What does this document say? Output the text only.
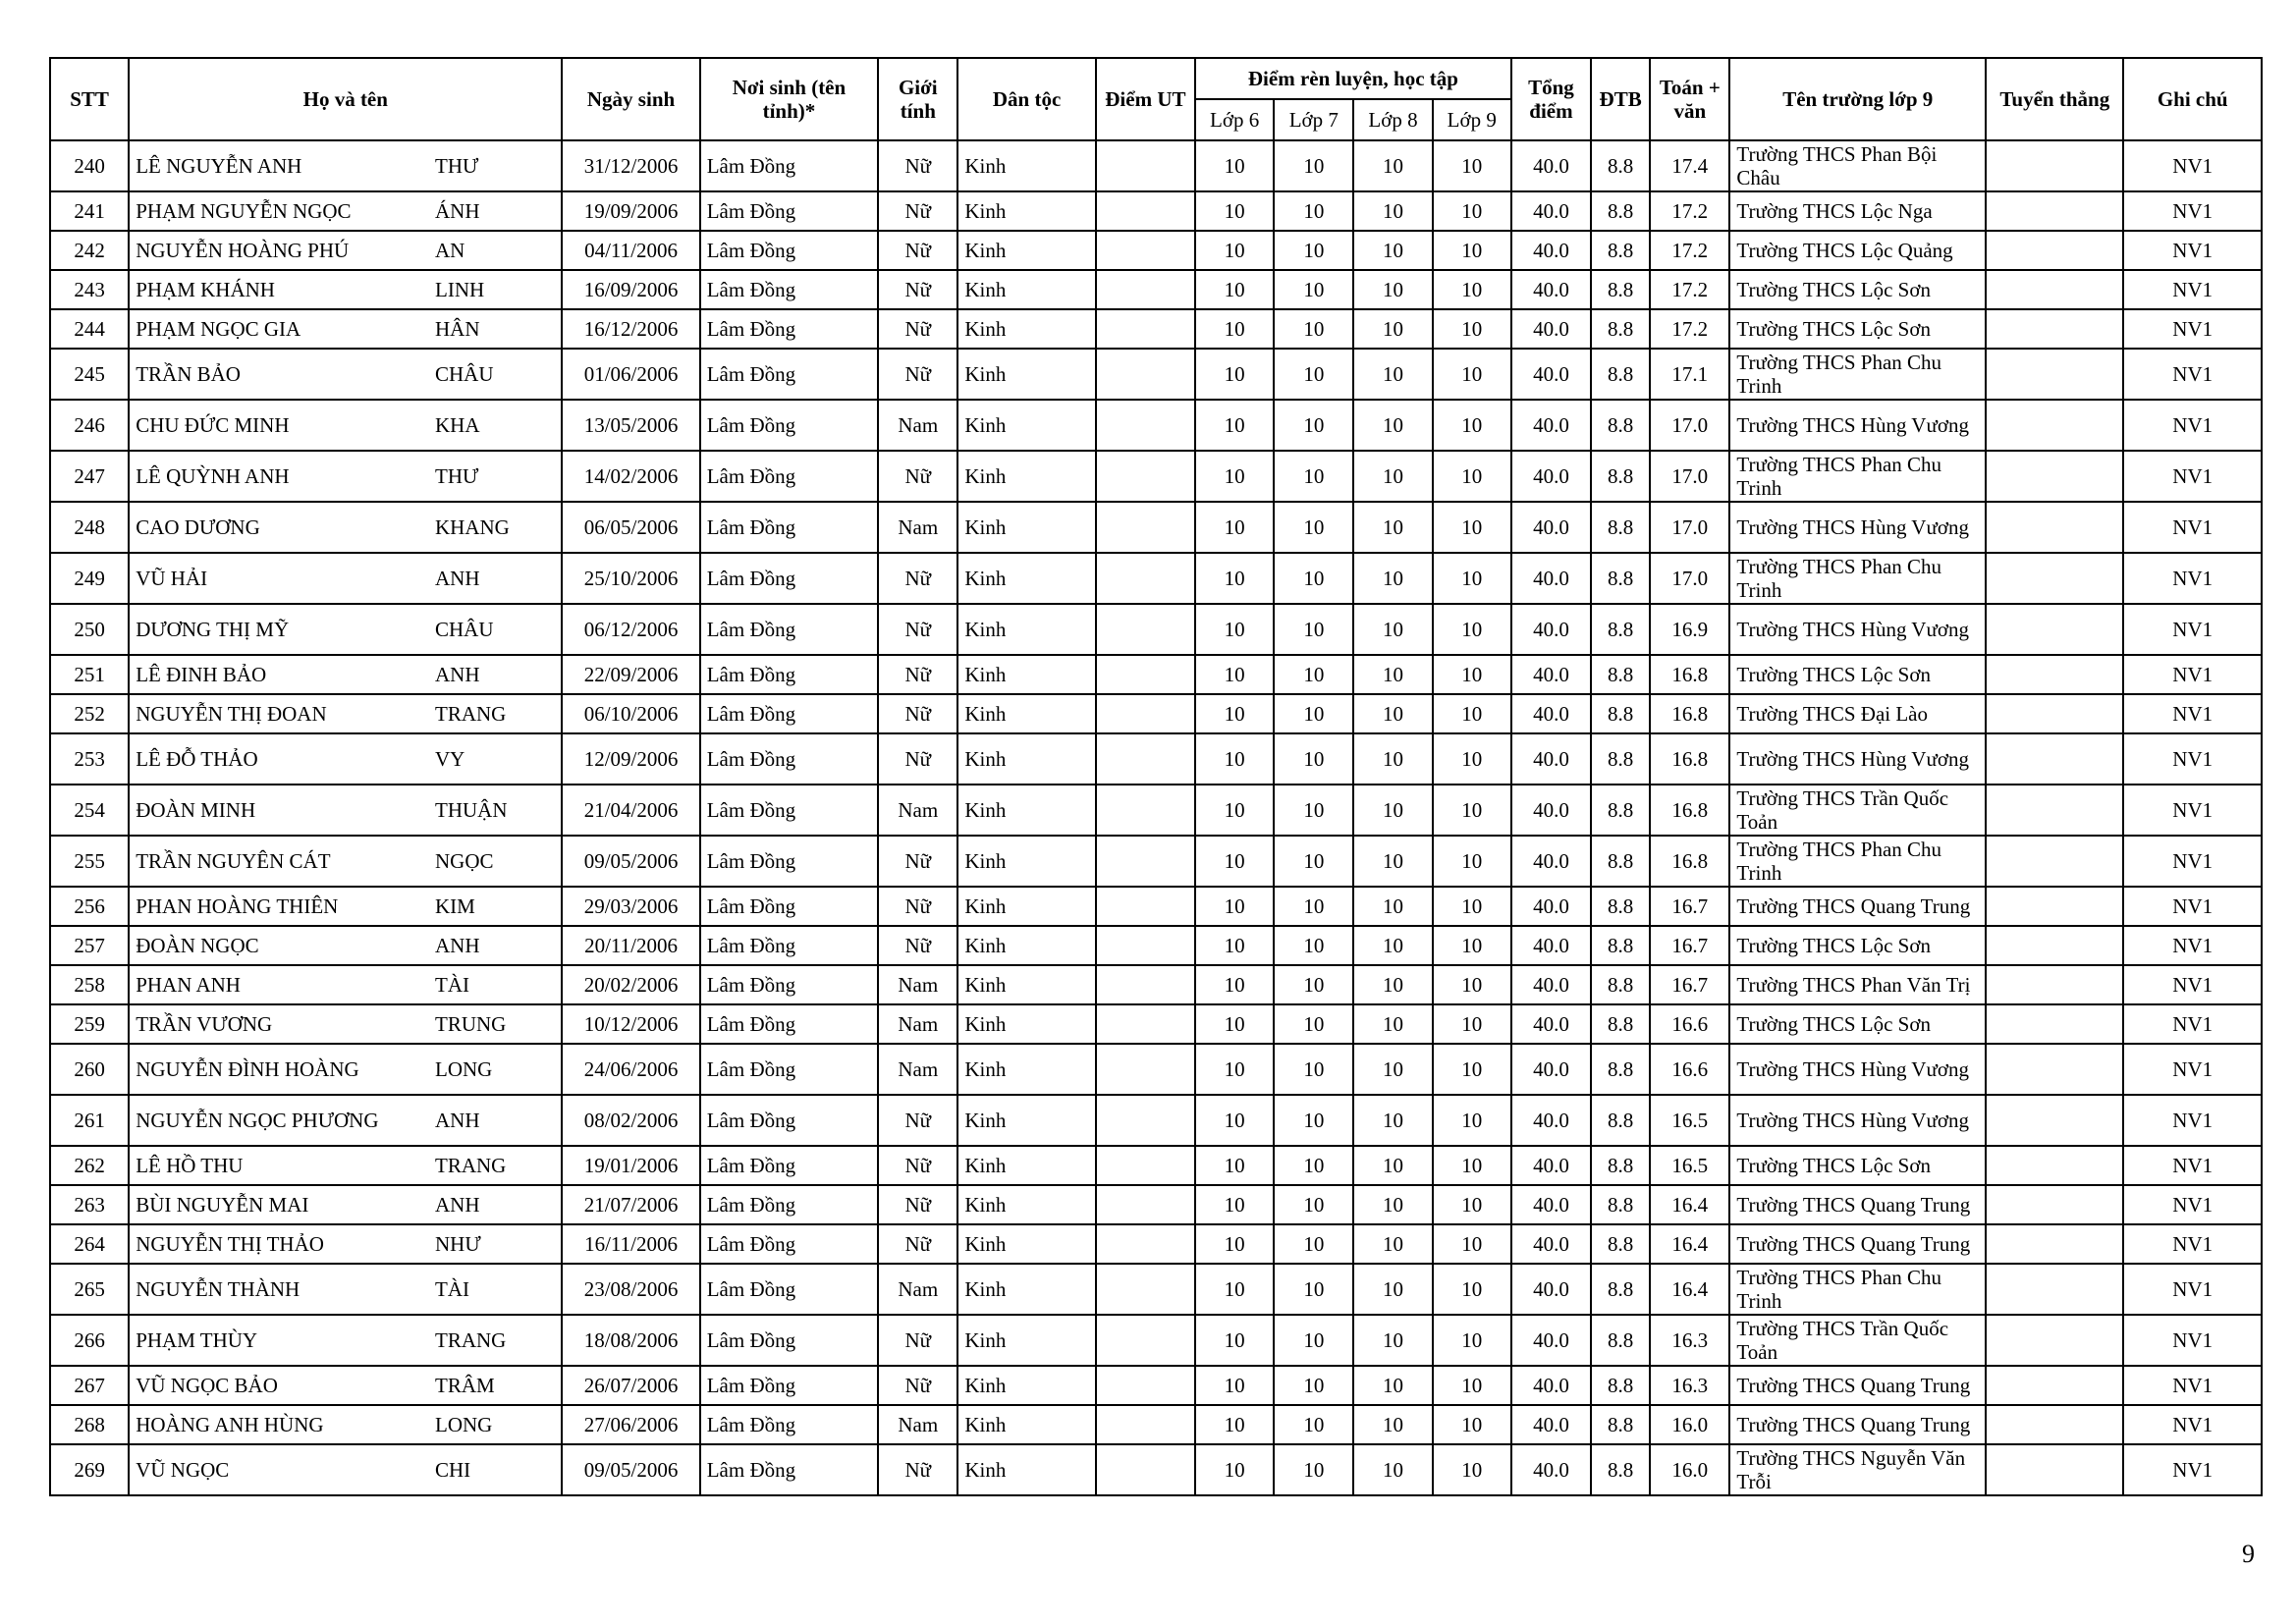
STT	Họ và tên		Ngày sinh	Nơi sinh (tên tỉnh)*	Giới tính	Dân tộc	Điểm UT	Điểm rèn luyện, học tập				Tổng điểm	ĐTB	Toán + văn	Tên trường lớp 9	Tuyển thẳng	Ghi chú
								Lớp 6	Lớp 7	Lớp 8	Lớp 9						
240	LÊ NGUYỄN ANH	THƯ	31/12/2006	Lâm Đồng	Nữ	Kinh		10	10	10	10	40.0	8.8	17.4	Trường THCS Phan Bội Châu		NV1
241	PHẠM NGUYỄN NGỌC	ÁNH	19/09/2006	Lâm Đồng	Nữ	Kinh		10	10	10	10	40.0	8.8	17.2	Trường THCS Lộc Nga		NV1
242	NGUYỄN HOÀNG PHÚ	AN	04/11/2006	Lâm Đồng	Nữ	Kinh		10	10	10	10	40.0	8.8	17.2	Trường THCS Lộc Quảng		NV1
243	PHẠM KHÁNH	LINH	16/09/2006	Lâm Đồng	Nữ	Kinh		10	10	10	10	40.0	8.8	17.2	Trường THCS Lộc Sơn		NV1
244	PHẠM NGỌC GIA	HÂN	16/12/2006	Lâm Đồng	Nữ	Kinh		10	10	10	10	40.0	8.8	17.2	Trường THCS Lộc Sơn		NV1
245	TRẦN BẢO	CHÂU	01/06/2006	Lâm Đồng	Nữ	Kinh		10	10	10	10	40.0	8.8	17.1	Trường THCS Phan Chu Trinh		NV1
246	CHU ĐỨC MINH	KHA	13/05/2006	Lâm Đồng	Nam	Kinh		10	10	10	10	40.0	8.8	17.0	Trường THCS Hùng Vương		NV1
247	LÊ QUỲNH ANH	THƯ	14/02/2006	Lâm Đồng	Nữ	Kinh		10	10	10	10	40.0	8.8	17.0	Trường THCS Phan Chu Trinh		NV1
248	CAO DƯƠNG	KHANG	06/05/2006	Lâm Đồng	Nam	Kinh		10	10	10	10	40.0	8.8	17.0	Trường THCS Hùng Vương		NV1
249	VŨ HẢI	ANH	25/10/2006	Lâm Đồng	Nữ	Kinh		10	10	10	10	40.0	8.8	17.0	Trường THCS Phan Chu Trinh		NV1
250	DƯƠNG THỊ MỸ	CHÂU	06/12/2006	Lâm Đồng	Nữ	Kinh		10	10	10	10	40.0	8.8	16.9	Trường THCS Hùng Vương		NV1
251	LÊ ĐINH BẢO	ANH	22/09/2006	Lâm Đồng	Nữ	Kinh		10	10	10	10	40.0	8.8	16.8	Trường THCS Lộc Sơn		NV1
252	NGUYỄN THỊ ĐOAN	TRANG	06/10/2006	Lâm Đồng	Nữ	Kinh		10	10	10	10	40.0	8.8	16.8	Trường THCS Đại Lào		NV1
253	LÊ ĐỖ THẢO	VY	12/09/2006	Lâm Đồng	Nữ	Kinh		10	10	10	10	40.0	8.8	16.8	Trường THCS Hùng Vương		NV1
254	ĐOÀN MINH	THUẬN	21/04/2006	Lâm Đồng	Nam	Kinh		10	10	10	10	40.0	8.8	16.8	Trường THCS Trần Quốc Toản		NV1
255	TRẦN NGUYÊN CÁT	NGỌC	09/05/2006	Lâm Đồng	Nữ	Kinh		10	10	10	10	40.0	8.8	16.8	Trường THCS Phan Chu Trinh		NV1
256	PHAN HOÀNG THIÊN	KIM	29/03/2006	Lâm Đồng	Nữ	Kinh		10	10	10	10	40.0	8.8	16.7	Trường THCS Quang Trung		NV1
257	ĐOÀN NGỌC	ANH	20/11/2006	Lâm Đồng	Nữ	Kinh		10	10	10	10	40.0	8.8	16.7	Trường THCS Lộc Sơn		NV1
258	PHAN ANH	TÀI	20/02/2006	Lâm Đồng	Nam	Kinh		10	10	10	10	40.0	8.8	16.7	Trường THCS Phan Văn Trị		NV1
259	TRẦN VƯƠNG	TRUNG	10/12/2006	Lâm Đồng	Nam	Kinh		10	10	10	10	40.0	8.8	16.6	Trường THCS Lộc Sơn		NV1
260	NGUYỄN ĐÌNH HOÀNG	LONG	24/06/2006	Lâm Đồng	Nam	Kinh		10	10	10	10	40.0	8.8	16.6	Trường THCS Hùng Vương		NV1
261	NGUYỄN NGỌC PHƯƠNG	ANH	08/02/2006	Lâm Đồng	Nữ	Kinh		10	10	10	10	40.0	8.8	16.5	Trường THCS Hùng Vương		NV1
262	LÊ HỒ THU	TRANG	19/01/2006	Lâm Đồng	Nữ	Kinh		10	10	10	10	40.0	8.8	16.5	Trường THCS Lộc Sơn		NV1
263	BÙI NGUYỄN MAI	ANH	21/07/2006	Lâm Đồng	Nữ	Kinh		10	10	10	10	40.0	8.8	16.4	Trường THCS Quang Trung		NV1
264	NGUYỄN THỊ THẢO	NHƯ	16/11/2006	Lâm Đồng	Nữ	Kinh		10	10	10	10	40.0	8.8	16.4	Trường THCS Quang Trung		NV1
265	NGUYỄN THÀNH	TÀI	23/08/2006	Lâm Đồng	Nam	Kinh		10	10	10	10	40.0	8.8	16.4	Trường THCS Phan Chu Trinh		NV1
266	PHẠM THÙY	TRANG	18/08/2006	Lâm Đồng	Nữ	Kinh		10	10	10	10	40.0	8.8	16.3	Trường THCS Trần Quốc Toản		NV1
267	VŨ NGỌC BẢO	TRÂM	26/07/2006	Lâm Đồng	Nữ	Kinh		10	10	10	10	40.0	8.8	16.3	Trường THCS Quang Trung		NV1
268	HOÀNG ANH HÙNG	LONG	27/06/2006	Lâm Đồng	Nam	Kinh		10	10	10	10	40.0	8.8	16.0	Trường THCS Quang Trung		NV1
269	VŨ NGỌC	CHI	09/05/2006	Lâm Đồng	Nữ	Kinh		10	10	10	10	40.0	8.8	16.0	Trường THCS Nguyễn Văn Trỗi		NV1
9
